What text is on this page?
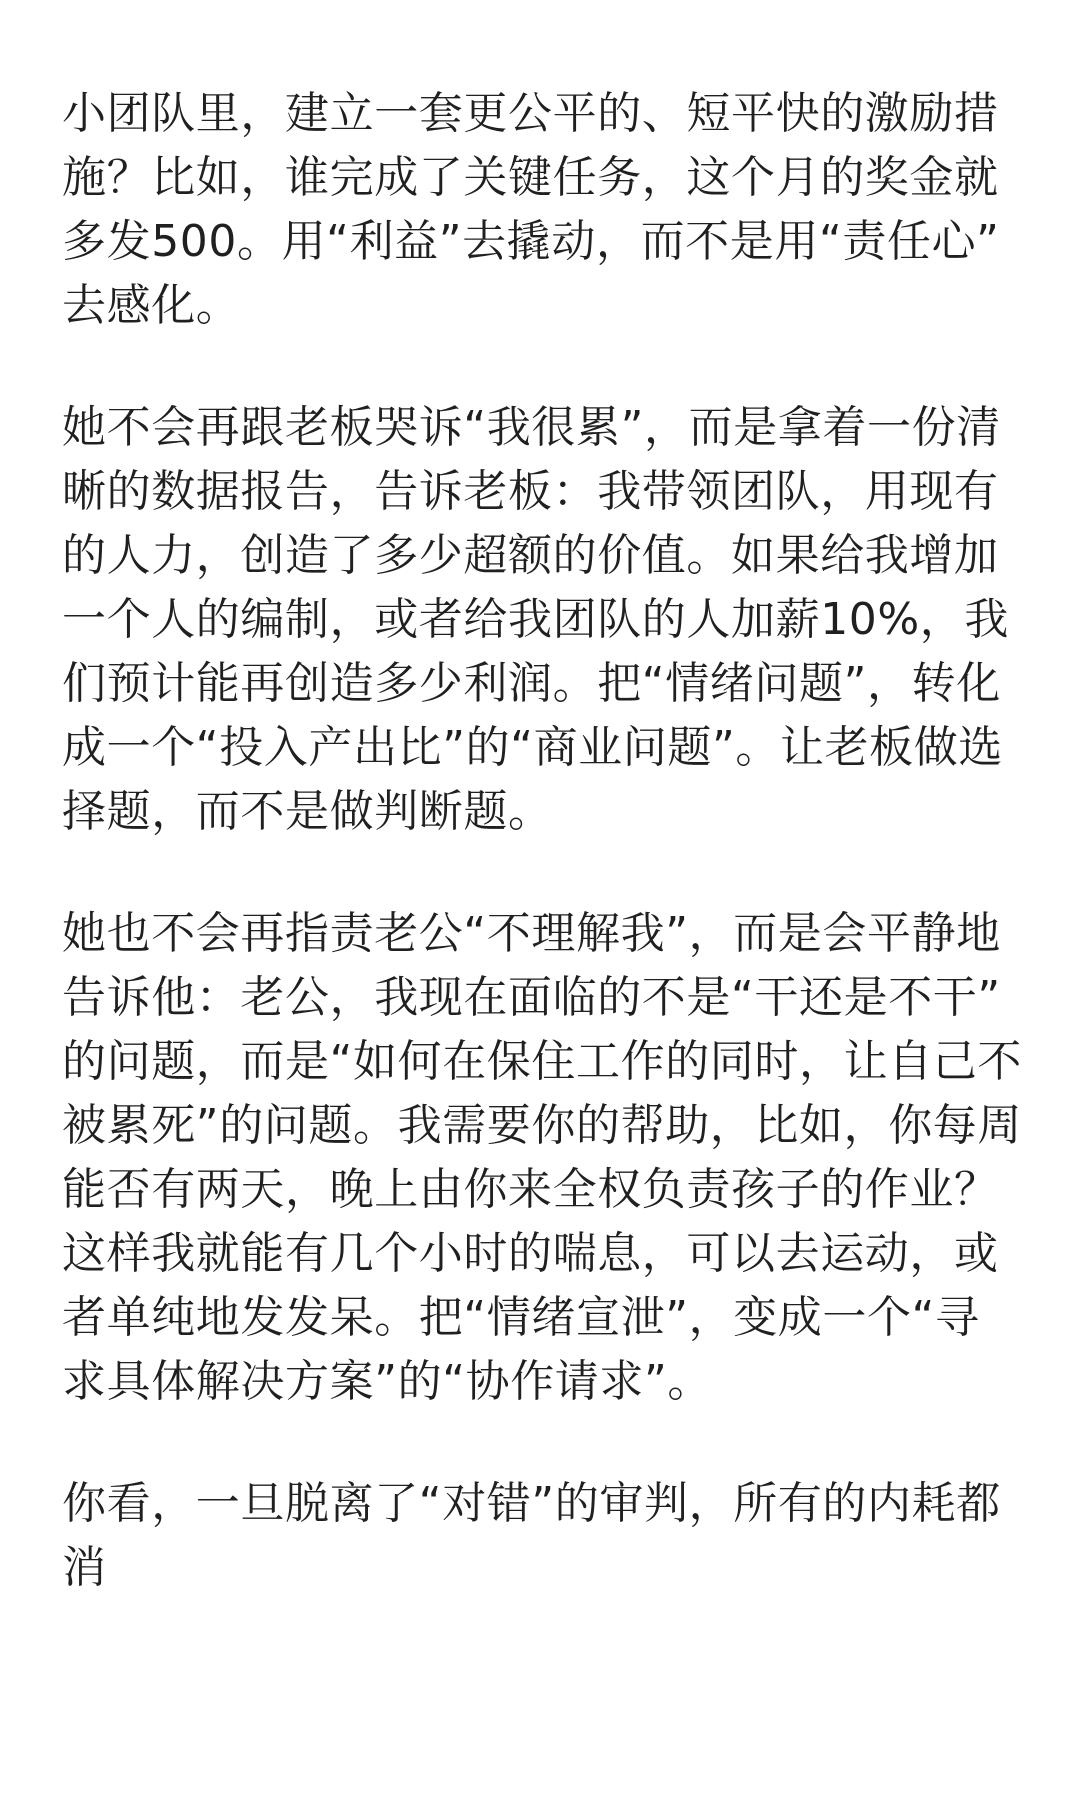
小团队里，建立一套更公平的、短平快的激励措施？比如，谁完成了关键任务，这个月的奖金就多发500。用“利益”去撬动，而不是用“责任心”去感化。

她不会再跟老板哭诉“我很累”，而是拿着一份清晰的数据报告，告诉老板：我带领团队，用现有的人力，创造了多少超额的价值。如果给我增加一个人的编制，或者给我团队的人加薪10%，我们预计能再创造多少利润。把“情绪问题”，转化成一个“投入产出比”的“商业问题”。让老板做选择题，而不是做判断题。

她也不会再指责老公“不理解我”，而是会平静地告诉他：老公，我现在面临的不是“干还是不干”的问题，而是“如何在保住工作的同时，让自己不被累死”的问题。我需要你的帮助，比如，你每周能否有两天，晚上由你来全权负责孩子的作业？这样我就能有几个小时的喘息，可以去运动，或者单纯地发发呆。把“情绪宣泄”，变成一个“寻求具体解决方案”的“协作请求”。

你看，一旦脱离了“对错”的审判，所有的内耗都消
